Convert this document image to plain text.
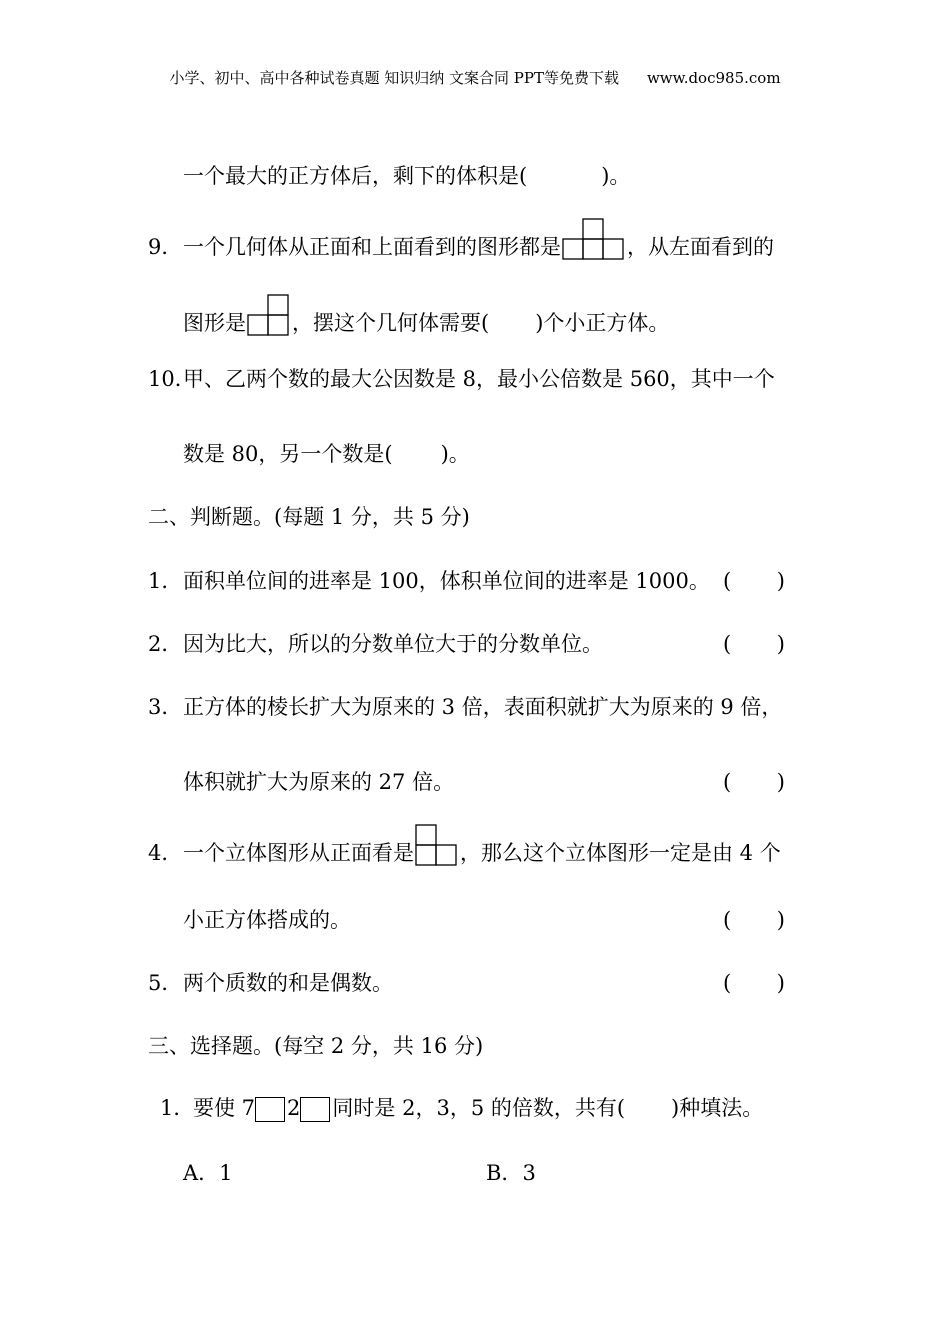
小学、初中、高中各种试卷真题 知识归纳 文案合同 PPT等免费下载 www.doc985.com
一个最大的正方体后，剩下的体积是(	)。
9． 一个几何体从正面和上面看到的图形都是	，从左面看到的
图形是 ，摆这个几何体需要( )个小正方体。
10．
甲、乙两个数的最大公因数是 8，最小公倍数是 560，其中一个
数是 80，另一个数是( )。
二、判断题。(每题 1 分，共 5 分)
1． 面积单位间的进率是 100，体积单位间的进率是 1000。 ( )
2． 因为比大，所以的分数单位大于的分数单位。	( )
3． 正方体的棱长扩大为原来的 3 倍，表面积就扩大为原来的 9 倍，
体积就扩大为原来的 27 倍。	( )
4． 一个立体图形从正面看是 ，那么这个立体图形一定是由 4 个
小正方体搭成的。	( )
5． 两个质数的和是偶数。	( )
三、选择题。(每空 2 分，共 16 分)
1．
要使 7 2 同时是 2，3，5 的倍数，共有( )种填法。
A． 1	B． 3
